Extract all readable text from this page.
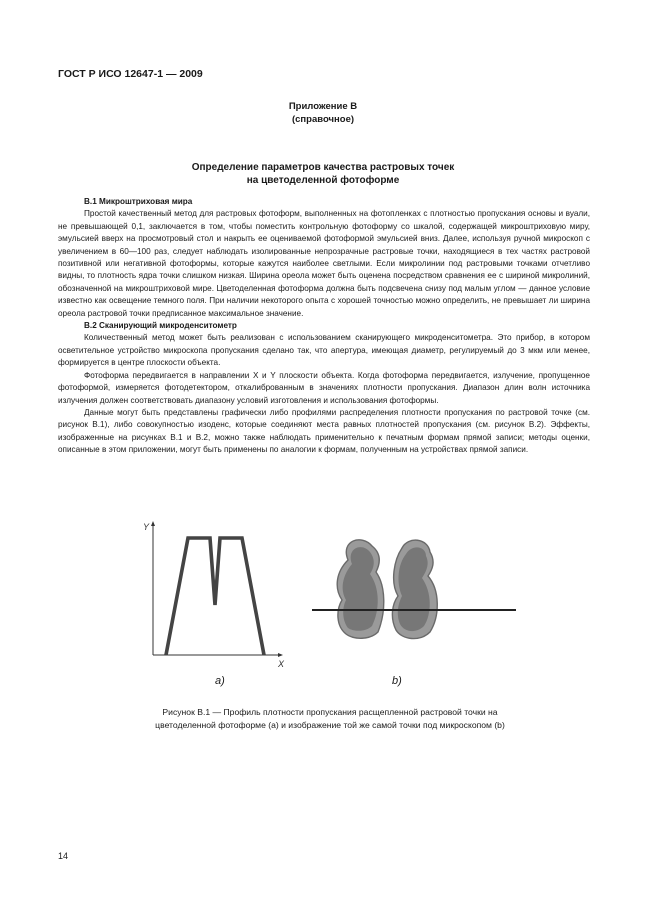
ГОСТ Р ИСО 12647-1 — 2009
Приложение В
(справочное)
Определение параметров качества растровых точек
на цветоделенной фотоформе
В.1 Микроштриховая мира

Простой качественный метод для растровых фотоформ, выполненных на фотопленках с плотностью пропускания основы и вуали, не превышающей 0,1, заключается в том, чтобы поместить контрольную фотоформу со шкалой, содержащей микроштриховую миру, эмульсией вверх на просмотровый стол и накрыть ее оцениваемой фотоформой эмульсией вниз. Далее, используя ручной микроскоп с увеличением в 60—100 раз, следует наблюдать изолированные непрозрачные растровые точки, находящиеся в тех частях растровой позитивной или негативной фотоформы, которые кажутся наиболее светлыми. Если микролинии под растровыми точками отчетливо видны, то плотность ядра точки слишком низкая. Ширина ореола может быть оценена посредством сравнения ее с шириной микролиний, обозначенной на микроштриховой мире. Цветоделенная фотоформа должна быть подсвечена снизу под малым углом — данное условие известно как освещение темного поля. При наличии некоторого опыта с хорошей точностью можно определить, не превышает ли ширина ореола растровой точки предписанное максимальное значение.

В.2 Сканирующий микроденситометр

Количественный метод может быть реализован с использованием сканирующего микроденситометра. Это прибор, в котором осветительное устройство микроскопа пропускания сделано так, что апертура, имеющая диаметр, регулируемый до 3 мкм или менее, формируется в центре плоскости объекта.

Фотоформа передвигается в направлении X и Y плоскости объекта. Когда фотоформа передвигается, излучение, пропущенное фотоформой, измеряется фотодетектором, откалиброванным в значениях плотности пропускания. Диапазон длин волн источника излучения должен соответствовать диапазону условий изготовления и использования фотоформы.

Данные могут быть представлены графически либо профилями распределения плотности пропускания по растровой точке (см. рисунок В.1), либо совокупностью изоденс, которые соединяют места равных плотностей пропускания (см. рисунок В.2). Эффекты, изображенные на рисунках В.1 и В.2, можно также наблюдать применительно к печатным формам прямой записи; методы оценки, описанные в этом приложении, могут быть применены по аналогии к формам, полученным на устройствах прямой записи.

Y
X
a)	b)
Рисунок В.1 — Профиль плотности пропускания расщепленной растровой точки на цветоделенной фотоформе (а) и изображение той же самой точки под микроскопом (b)
14
